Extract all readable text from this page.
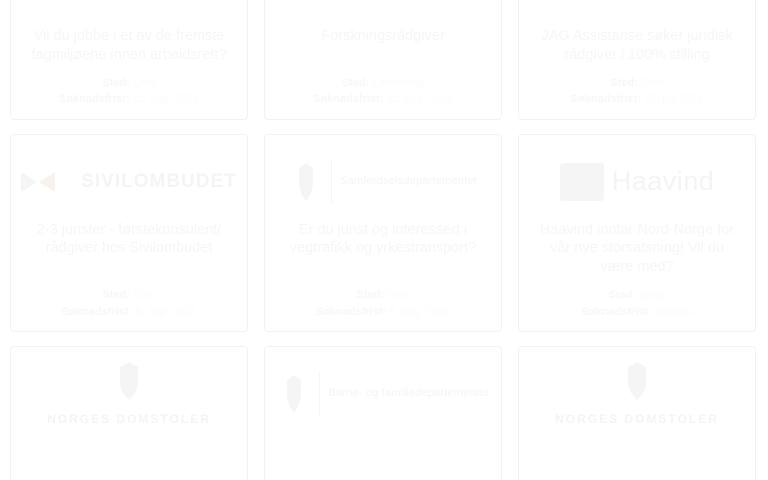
Vil du jobbe i et av de fremste fagmiljøene innen arbeidsrett?
Sted: Oslo
Søknadsfrist: 11. aug. 2024
Forskningsrådgiver
Sted: Lørenskog
Søknadsfrist: 11. aug. 2024
JAG Assistanse søker juridisk rådgiver i 100% stilling
Sted: Oslo
Søknadsfrist: 20. juli 2024
SIVILOMBUDET
2-3 jurister - førstekonsulent/ rådgiver hos Sivilombudet
Sted: Oslo
Søknadsfrist: 6. aug. 2024
Samferdselsdepartementet
Er du jurist og interessert i vegtrafikk og yrkestransport?
Sted: Oslo
Søknadsfrist: 9. aug. 2024
Haavind
Haavind inntar Nord-Norge for vår nye storsatsning! Vil du være med?
Sted: Bodø
Søknadsfrist: Snarest
NORGES DOMSTOLER
Barne- og familiedepartementet
NORGES DOMSTOLER
